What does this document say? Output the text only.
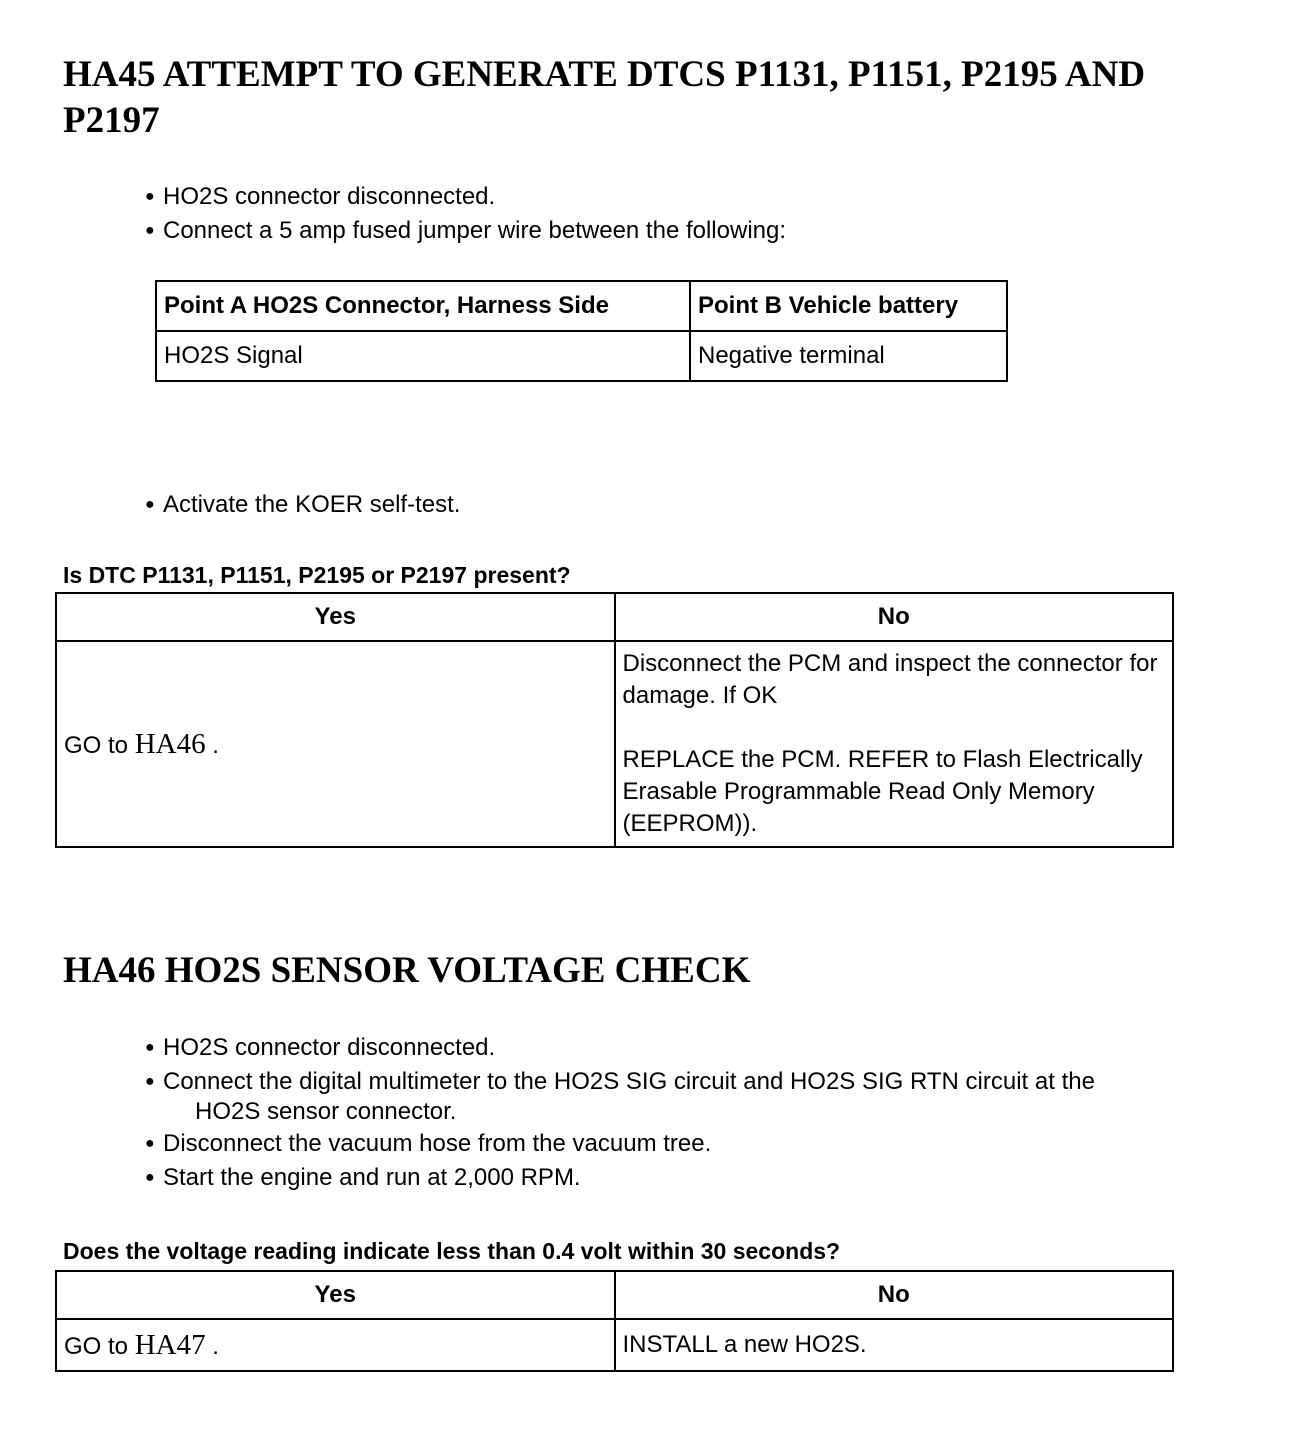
HA45 ATTEMPT TO GENERATE DTCS P1131, P1151, P2195 AND
P2197
● HO2S connector disconnected.
● Connect a 5 amp fused jumper wire between the following:
Point A HO2S Connector, Harness Side	Point B Vehicle battery
HO2S Signal	Negative terminal
● Activate the KOER self-test.

Is DTC P1131, P1151, P2195 or P2197 present?

Yes	No
GO to HA46 .	Disconnect the PCM and inspect the connector for damage. If OK
REPLACE the PCM. REFER to Flash Electrically Erasable Programmable Read Only Memory (EEPROM)).
HA46 HO2S SENSOR VOLTAGE CHECK
● HO2S connector disconnected.
● Connect the digital multimeter to the HO2S SIG circuit and HO2S SIG RTN circuit at the
HO2S sensor connector.
● Disconnect the vacuum hose from the vacuum tree.
● Start the engine and run at 2,000 RPM.

Does the voltage reading indicate less than 0.4 volt within 30 seconds?

Yes	No
GO to HA47 .	INSTALL a new HO2S.
